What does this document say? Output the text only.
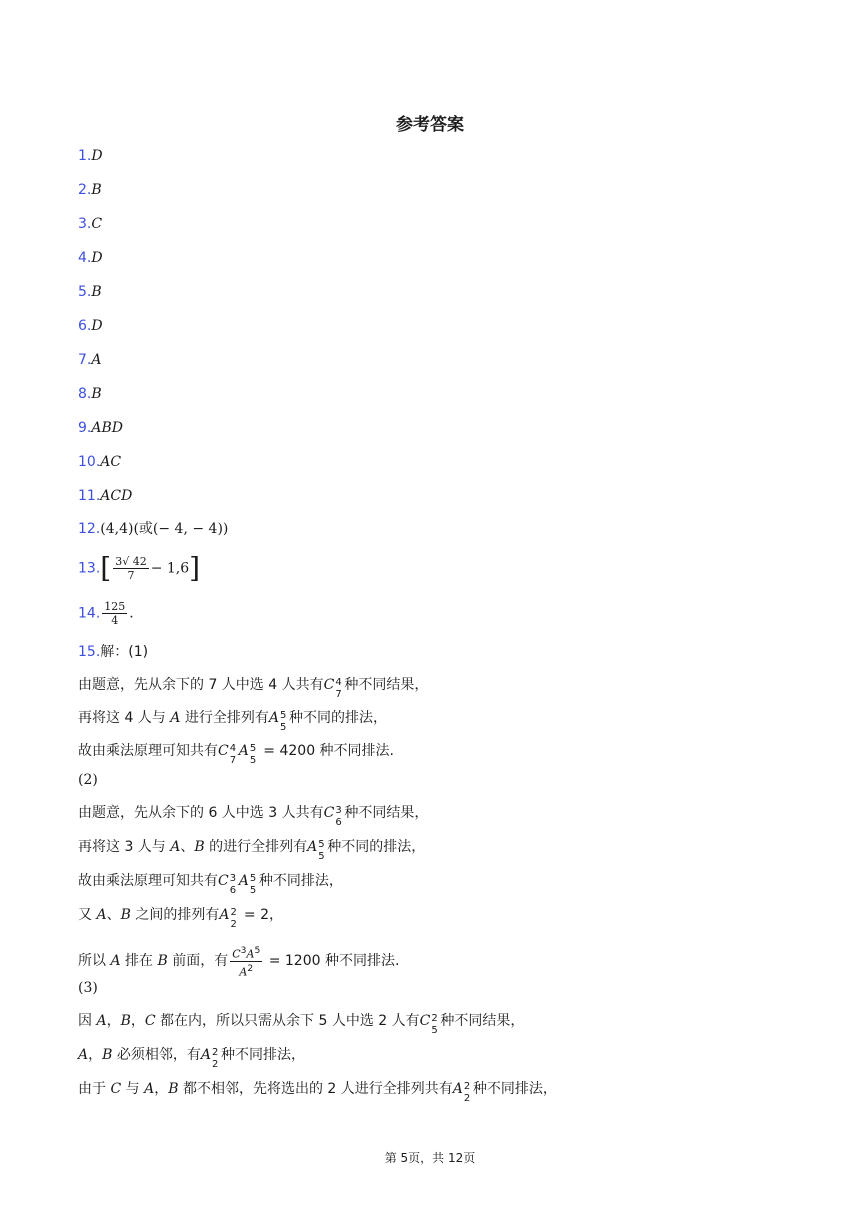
参考答案
1.D
2.B
3.C
4.D
5.B
6.D
7.A
8.B
9.ABD
10.AC
11.ACD
12.(4,4)(或(− 4, − 4))
$13.[ \frac{3√ 42}{7} - 1,6]$
14. $\frac{125}{4}$ .
15.解：(1)
由题意，先从余下的 7 人中选 4 人共有C 4
7
种不同结果，
再将这 4 人与 A 进行全排列有A 5
5
种不同的排法，
故由乘法原理可知共有C 4
7
A 5
5
= 4200 种不同排法.
(2)
由题意，先从余下的 6 人中选 3 人共有C 3
6
种不同结果，
再将这 3 人与 A、B 的进行全排列有A 5
5
种不同的排法，
故由乘法原理可知共有C 3
6
A 5
5
种不同排法，
又 A、B 之间的排列有A 2
2
= 2，
所以 A 排在 B 前面，有 $\frac{C^3A^5}{A^2} = 1200$ 种不同排法.
(3)
因 A，B，C 都在内，所以只需从余下 5 人中选 2 人有C 2
5
种不同结果，
A，B 必须相邻，有A 2
2
种不同排法，
由于 C 与 A，B 都不相邻，先将选出的 2 人进行全排列共有A 2
2
种不同排法，
第 5页，共 12页
